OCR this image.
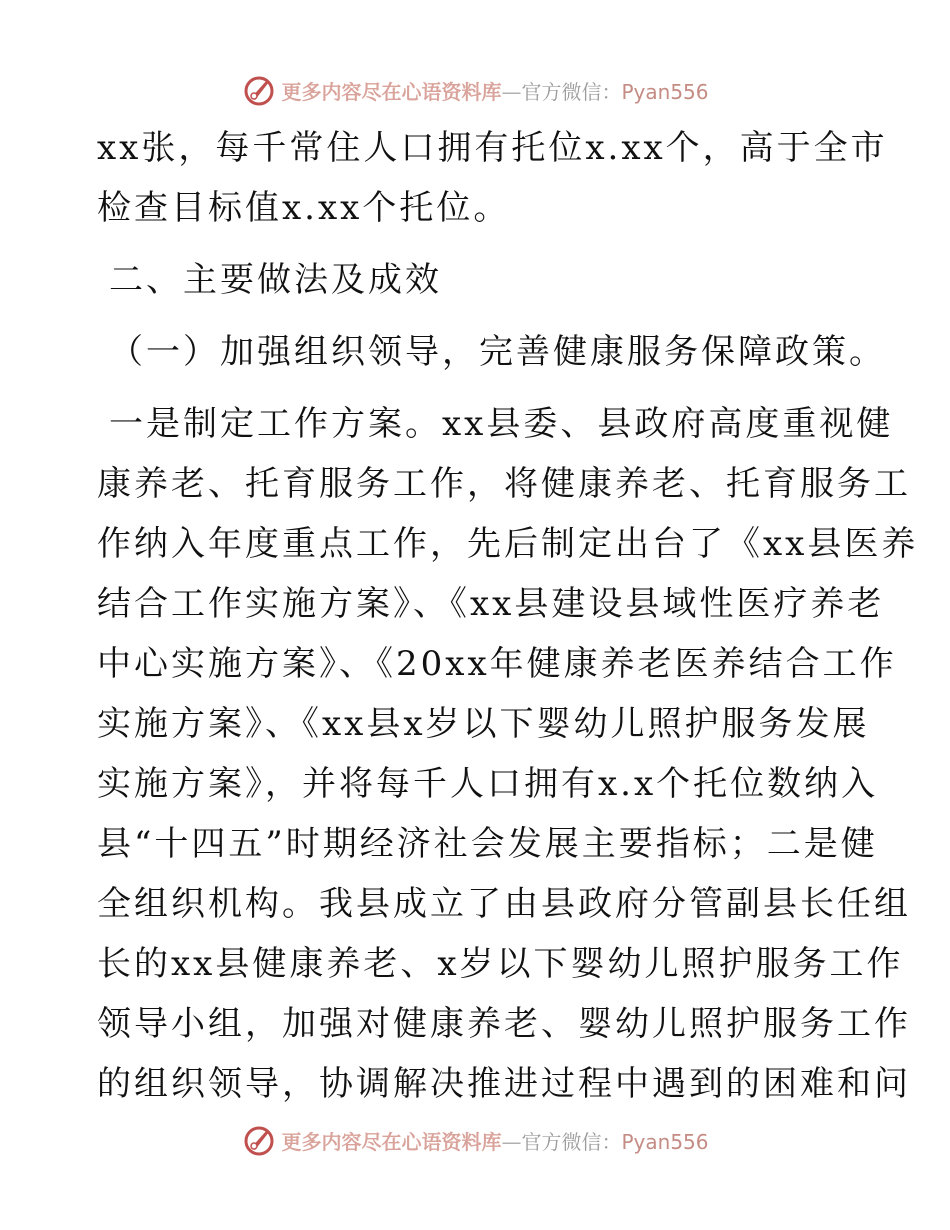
更多内容尽在心语资料库—官方微信：Pyan556
xx张，每千常住人口拥有托位x.xx个，高于全市
检查目标值x.xx个托位。
二、主要做法及成效
（一）加强组织领导，完善健康服务保障政策。
一是制定工作方案。xx县委、县政府高度重视健
康养老、托育服务工作，将健康养老、托育服务工
作纳入年度重点工作，先后制定出台了《xx县医养
结合工作实施方案》、《xx县建设县域性医疗养老
中心实施方案》、《20xx年健康养老医养结合工作
实施方案》、《xx县x岁以下婴幼儿照护服务发展
实施方案》，并将每千人口拥有x.x个托位数纳入
县“十四五”时期经济社会发展主要指标；二是健
全组织机构。我县成立了由县政府分管副县长任组
长的xx县健康养老、x岁以下婴幼儿照护服务工作
领导小组，加强对健康养老、婴幼儿照护服务工作
的组织领导，协调解决推进过程中遇到的困难和问
更多内容尽在心语资料库—官方微信：Pyan556
